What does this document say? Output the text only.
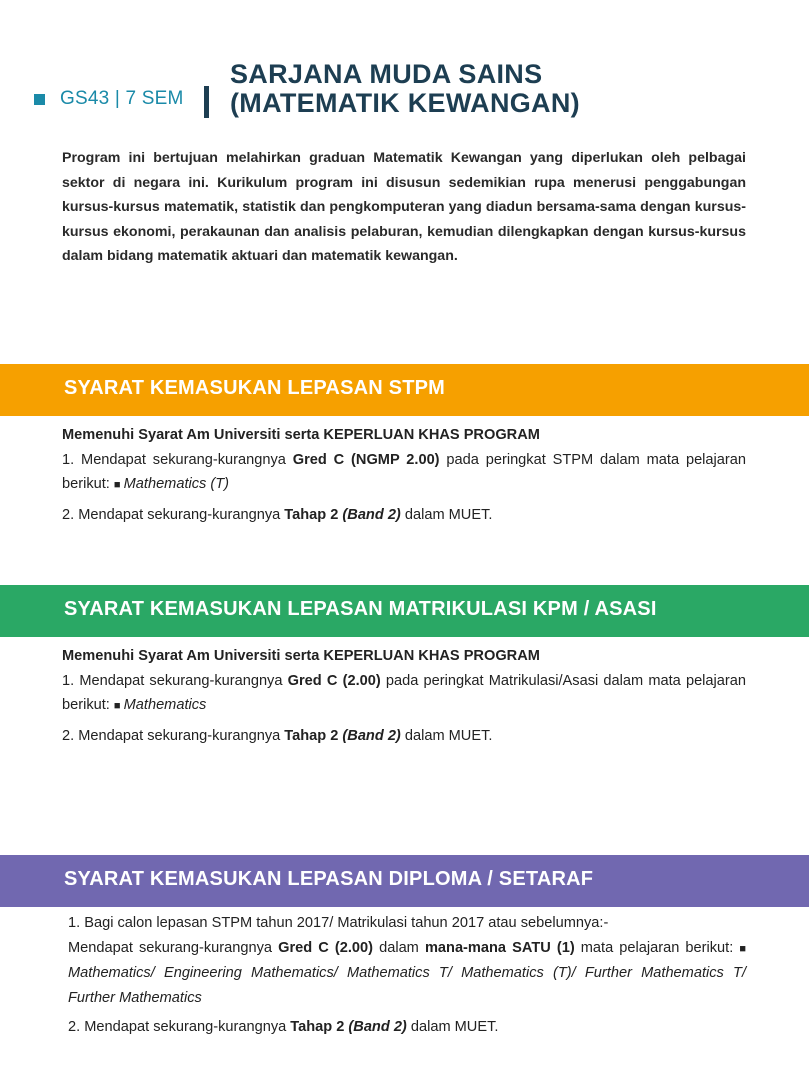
GS43 | 7 SEM
SARJANA MUDA SAINS
(MATEMATIK KEWANGAN)

Program ini bertujuan melahirkan graduan Matematik Kewangan yang diperlukan oleh pelbagai sektor di negara ini. Kurikulum program ini disusun sedemikian rupa menerusi penggabungan kursus-kursus matematik, statistik dan pengkomputeran yang diadun bersama-sama dengan kursus-kursus ekonomi, perakaunan dan analisis pelaburan, kemudian dilengkapkan dengan kursus-kursus dalam bidang matematik aktuari dan matematik kewangan.

SYARAT KEMASUKAN LEPASAN STPM

Memenuhi Syarat Am Universiti serta KEPERLUAN KHAS PROGRAM

1. Mendapat sekurang-kurangnya Gred C (NGMP 2.00) pada peringkat STPM dalam mata pelajaran berikut: ■ Mathematics (T)

2. Mendapat sekurang-kurangnya Tahap 2 (Band 2) dalam MUET.

SYARAT KEMASUKAN LEPASAN MATRIKULASI KPM / ASASI

Memenuhi Syarat Am Universiti serta KEPERLUAN KHAS PROGRAM

1. Mendapat sekurang-kurangnya Gred C (2.00) pada peringkat Matrikulasi/Asasi dalam mata pelajaran berikut: ■ Mathematics

2. Mendapat sekurang-kurangnya Tahap 2 (Band 2) dalam MUET.

SYARAT KEMASUKAN LEPASAN DIPLOMA / SETARAF

1. Bagi calon lepasan STPM tahun 2017/ Matrikulasi tahun 2017 atau sebelumnya:-

Mendapat sekurang-kurangnya Gred C (2.00) dalam mana-mana SATU (1) mata pelajaran berikut: ■ Mathematics/ Engineering Mathematics/ Mathematics T/ Mathematics (T)/ Further Mathematics T/ Further Mathematics

2. Mendapat sekurang-kurangnya Tahap 2 (Band 2) dalam MUET.
